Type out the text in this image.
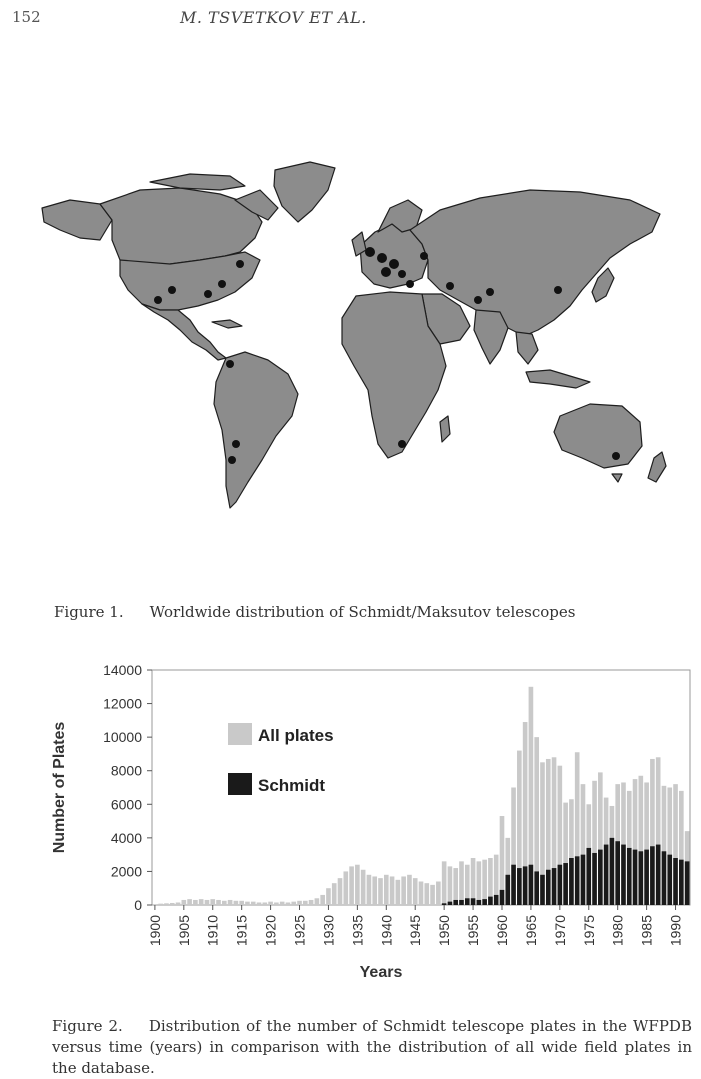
152	M. TSVETKOV ET AL.
Figure 1. Worldwide distribution of Schmidt/Maksutov telescopes
0
2000
4000
6000
8000
10000
12000
14000
1900 1905 1910 1915 1920 1925 1930 1935 1940 1945 1950 1955 1960 1965 1970 1975 1980 1985 1990
All plates
Schmidt
Number of Plates
Years
Figure 2. Distribution of the number of Schmidt telescope plates in the WFPDB versus time (years) in comparison with the distribution of all wide field plates in the database.
